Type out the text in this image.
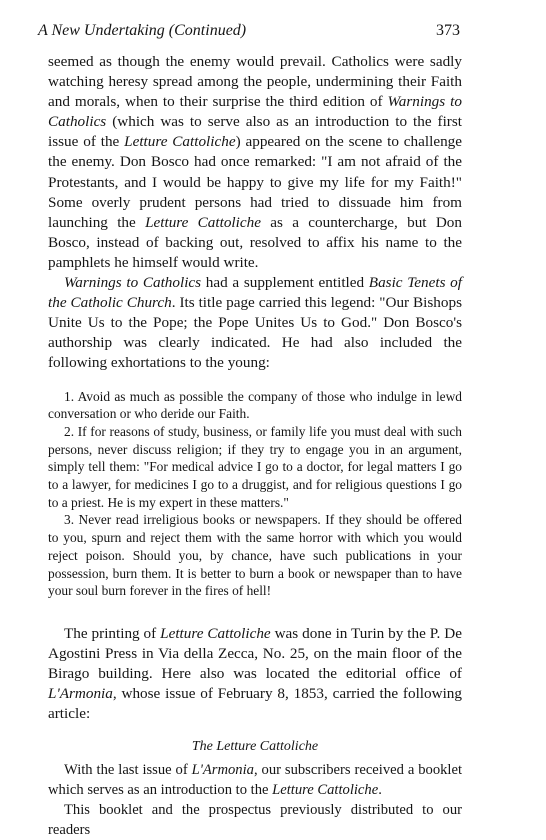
A New Undertaking (Continued)	373

seemed as though the enemy would prevail. Catholics were sadly watching heresy spread among the people, undermining their Faith and morals, when to their surprise the third edition of Warnings to Catholics (which was to serve also as an introduction to the first issue of the Letture Cattoliche) appeared on the scene to challenge the enemy. Don Bosco had once remarked: "I am not afraid of the Protestants, and I would be happy to give my life for my Faith!" Some overly prudent persons had tried to dissuade him from launching the Letture Cattoliche as a countercharge, but Don Bosco, instead of backing out, resolved to affix his name to the pamphlets he himself would write.

Warnings to Catholics had a supplement entitled Basic Tenets of the Catholic Church. Its title page carried this legend: "Our Bishops Unite Us to the Pope; the Pope Unites Us to God." Don Bosco's authorship was clearly indicated. He had also included the following exhortations to the young:

1. Avoid as much as possible the company of those who indulge in lewd conversation or who deride our Faith.

2. If for reasons of study, business, or family life you must deal with such persons, never discuss religion; if they try to engage you in an argument, simply tell them: "For medical advice I go to a doctor, for legal matters I go to a lawyer, for medicines I go to a druggist, and for religious questions I go to a priest. He is my expert in these matters."

3. Never read irreligious books or newspapers. If they should be offered to you, spurn and reject them with the same horror with which you would reject poison. Should you, by chance, have such publications in your possession, burn them. It is better to burn a book or newspaper than to have your soul burn forever in the fires of hell!

The printing of Letture Cattoliche was done in Turin by the P. De Agostini Press in Via della Zecca, No. 25, on the main floor of the Birago building. Here also was located the editorial office of L'Armonia, whose issue of February 8, 1853, carried the following article:

The Letture Cattoliche

With the last issue of L'Armonia, our subscribers received a booklet which serves as an introduction to the Letture Cattoliche.

This booklet and the prospectus previously distributed to our readers
